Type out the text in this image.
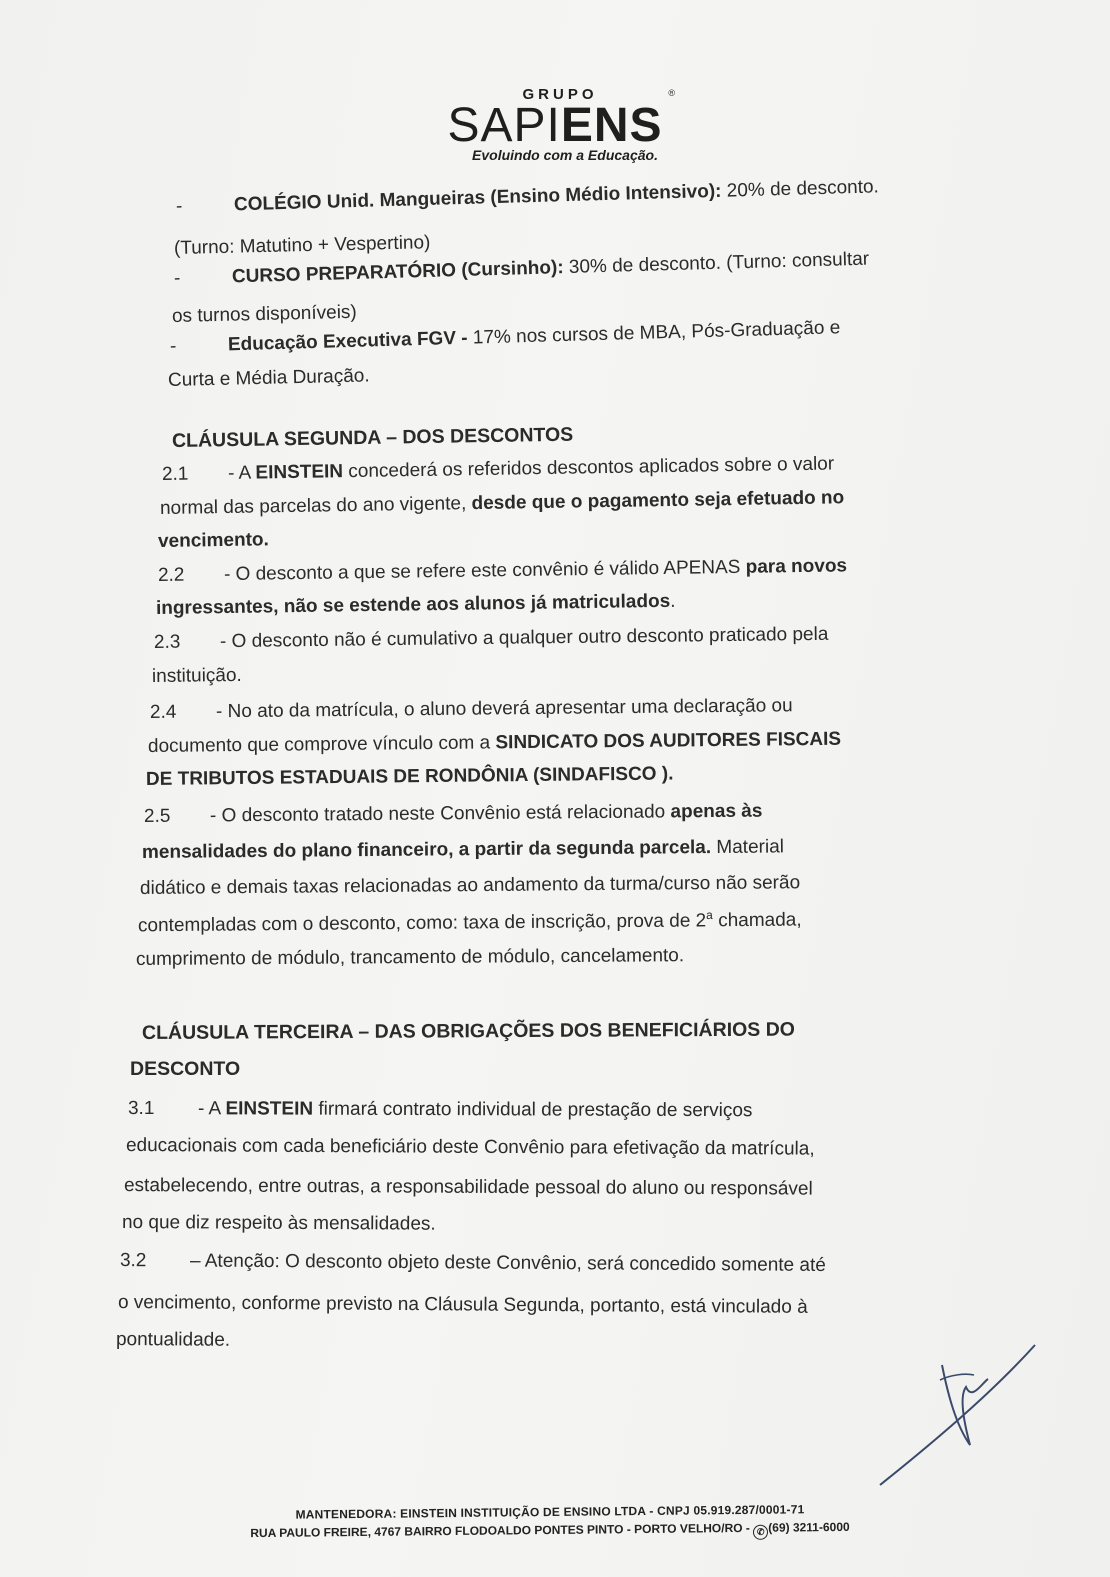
GRUPO
SAPIENS
®
Evoluindo com a Educação.
-	COLÉGIO Unid. Mangueiras (Ensino Médio Intensivo): 20% de desconto.
(Turno: Matutino + Vespertino)
-	CURSO PREPARATÓRIO (Cursinho): 30% de desconto. (Turno: consultar
os turnos disponíveis)
-	Educação Executiva FGV - 17% nos cursos de MBA, Pós-Graduação e
Curta e Média Duração.
CLÁUSULA SEGUNDA – DOS DESCONTOS
2.1 - A EINSTEIN concederá os referidos descontos aplicados sobre o valor
normal das parcelas do ano vigente, desde que o pagamento seja efetuado no
vencimento.
2.2 - O desconto a que se refere este convênio é válido APENAS para novos
ingressantes, não se estende aos alunos já matriculados.
2.3 - O desconto não é cumulativo a qualquer outro desconto praticado pela
instituição.
2.4 - No ato da matrícula, o aluno deverá apresentar uma declaração ou
documento que comprove vínculo com a SINDICATO DOS AUDITORES FISCAIS
DE TRIBUTOS ESTADUAIS DE RONDÔNIA (SINDAFISCO ).
2.5 - O desconto tratado neste Convênio está relacionado apenas às
mensalidades do plano financeiro, a partir da segunda parcela. Material
didático e demais taxas relacionadas ao andamento da turma/curso não serão
contempladas com o desconto, como: taxa de inscrição, prova de 2$^a$ chamada,
cumprimento de módulo, trancamento de módulo, cancelamento.
CLÁUSULA TERCEIRA – DAS OBRIGAÇÕES DOS BENEFICIÁRIOS DO
DESCONTO
3.1 - A EINSTEIN firmará contrato individual de prestação de serviços
educacionais com cada beneficiário deste Convênio para efetivação da matrícula,
estabelecendo, entre outras, a responsabilidade pessoal do aluno ou responsável
no que diz respeito às mensalidades.
3.2 – Atenção: O desconto objeto deste Convênio, será concedido somente até
o vencimento, conforme previsto na Cláusula Segunda, portanto, está vinculado à
pontualidade.
MANTENEDORA: EINSTEIN INSTITUIÇÃO DE ENSINO LTDA - CNPJ 05.919.287/0001-71
RUA PAULO FREIRE, 4767 BAIRRO FLODOALDO PONTES PINTO - PORTO VELHO/RO - ✆ (69) 3211-6000
